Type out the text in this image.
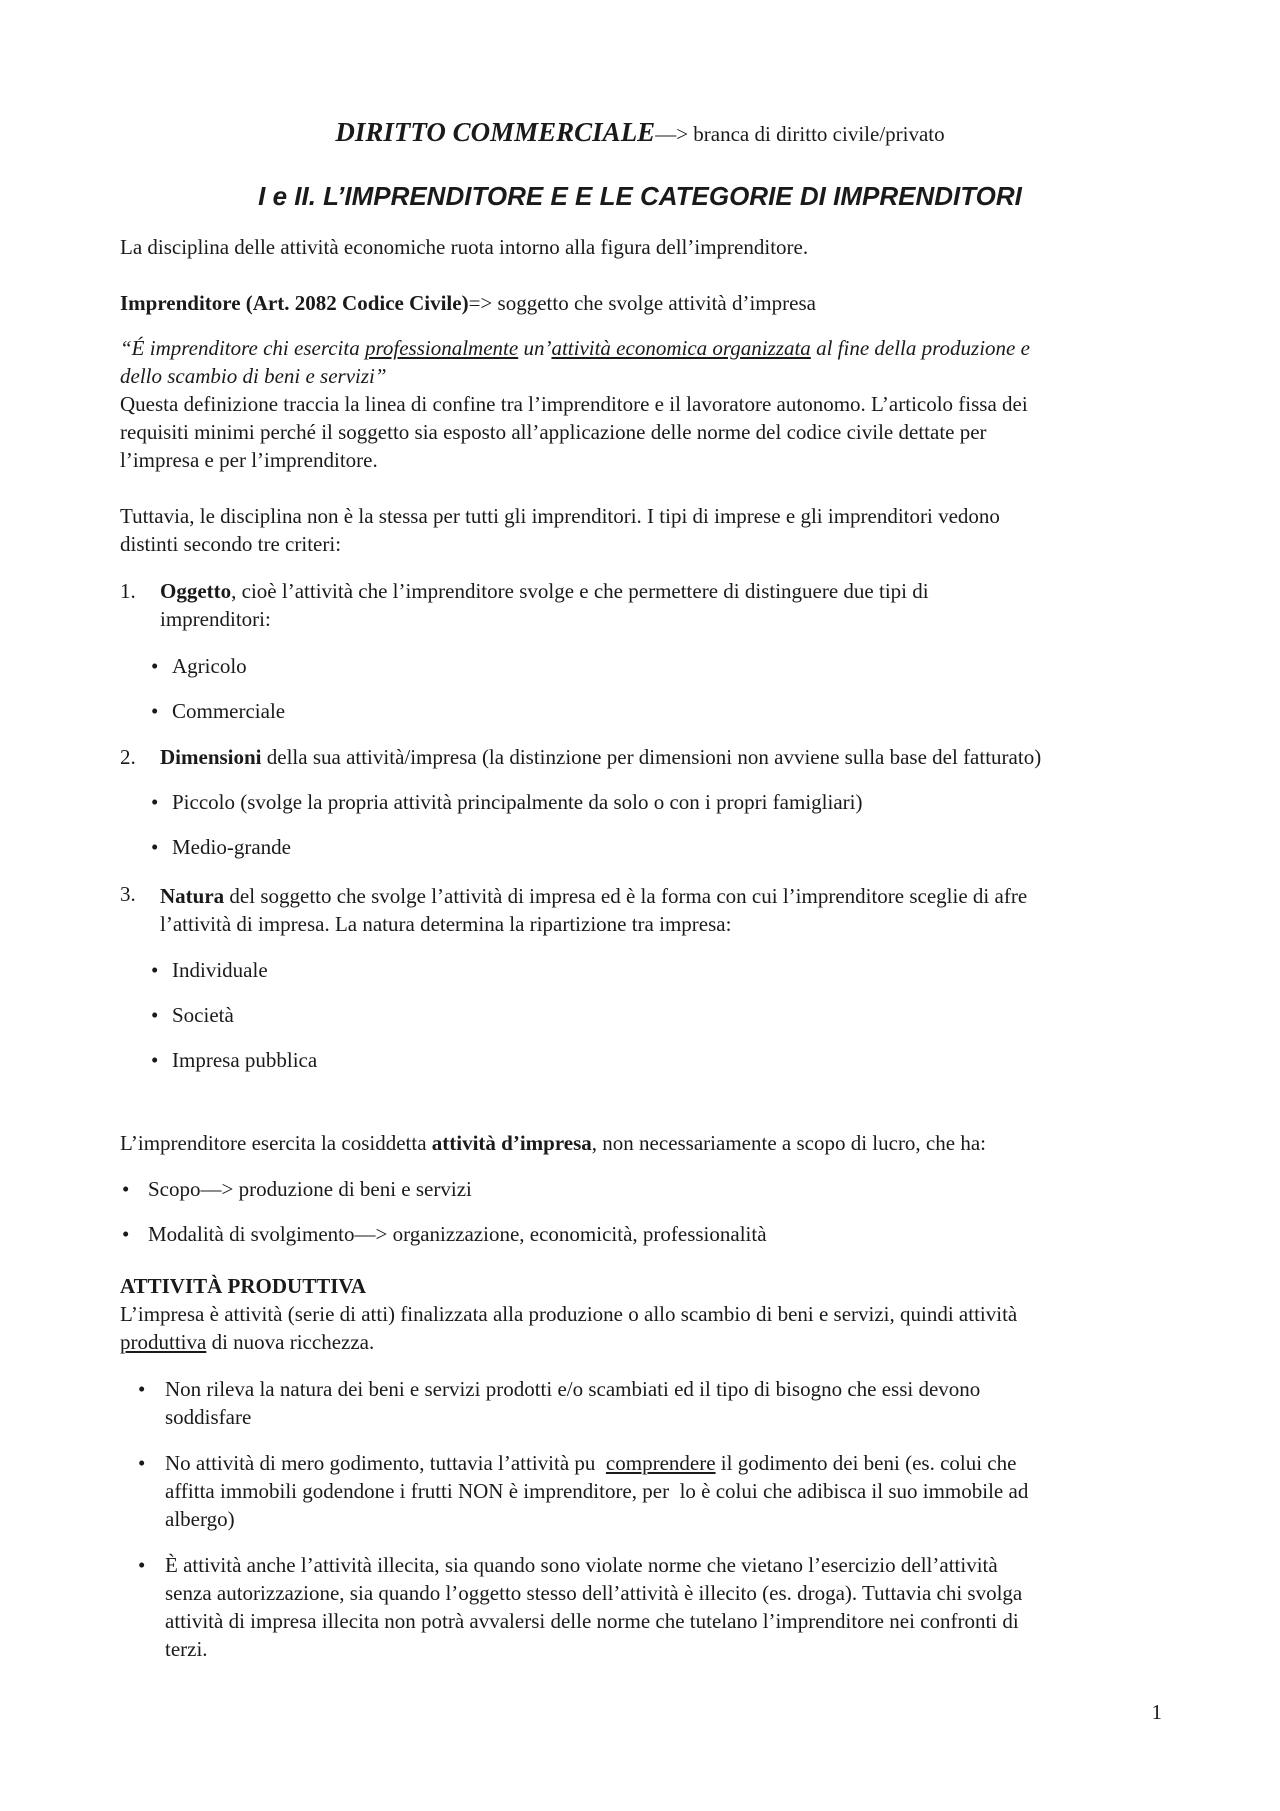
DIRITTO COMMERCIALE—> branca di diritto civile/privato

I e II. L’IMPRENDITORE E E LE CATEGORIE DI IMPRENDITORI

La disciplina delle attività economiche ruota intorno alla figura dell’imprenditore.

Imprenditore (Art. 2082 Codice Civile)=> soggetto che svolge attività d’impresa

“É imprenditore chi esercita professionalmente un’attività economica organizzata al fine della produzione e

dello scambio di beni e servizi”

Questa definizione traccia la linea di confine tra l’imprenditore e il lavoratore autonomo. L’articolo fissa dei

requisiti minimi perché il soggetto sia esposto all’applicazione delle norme del codice civile dettate per

l’impresa e per l’imprenditore.

Tuttavia, le disciplina non è la stessa per tutti gli imprenditori. I tipi di imprese e gli imprenditori vedono

distinti secondo tre criteri:

1. Oggetto, cioè l’attività che l’imprenditore svolge e che permettere di distinguere due tipi di

imprenditori:

• Agricolo

• Commerciale

2. Dimensioni della sua attività/impresa (la distinzione per dimensioni non avviene sulla base del fatturato)

• Piccolo (svolge la propria attività principalmente da solo o con i propri famigliari)

• Medio-grande

3. Natura del soggetto che svolge l’attività di impresa ed è la forma con cui l’imprenditore sceglie di afre

l’attività di impresa. La natura determina la ripartizione tra impresa:

• Individuale

• Società

• Impresa pubblica

L’imprenditore esercita la cosiddetta attività d’impresa, non necessariamente a scopo di lucro, che ha:

• Scopo—> produzione di beni e servizi

• Modalità di svolgimento—> organizzazione, economicità, professionalità

ATTIVITÀ PRODUTTIVA

L’impresa è attività (serie di atti) finalizzata alla produzione o allo scambio di beni e servizi, quindi attività

produttiva di nuova ricchezza.

• Non rileva la natura dei beni e servizi prodotti e/o scambiati ed il tipo di bisogno che essi devono

soddisfare

• No attività di mero godimento, tuttavia l’attività pu  comprendere il godimento dei beni (es. colui che

affitta immobili godendone i frutti NON è imprenditore, per  lo è colui che adibisca il suo immobile ad

albergo)

• È attività anche l’attività illecita, sia quando sono violate norme che vietano l’esercizio dell’attività

senza autorizzazione, sia quando l’oggetto stesso dell’attività è illecito (es. droga). Tuttavia chi svolga

attività di impresa illecita non potrà avvalersi delle norme che tutelano l’imprenditore nei confronti di

terzi.

1
